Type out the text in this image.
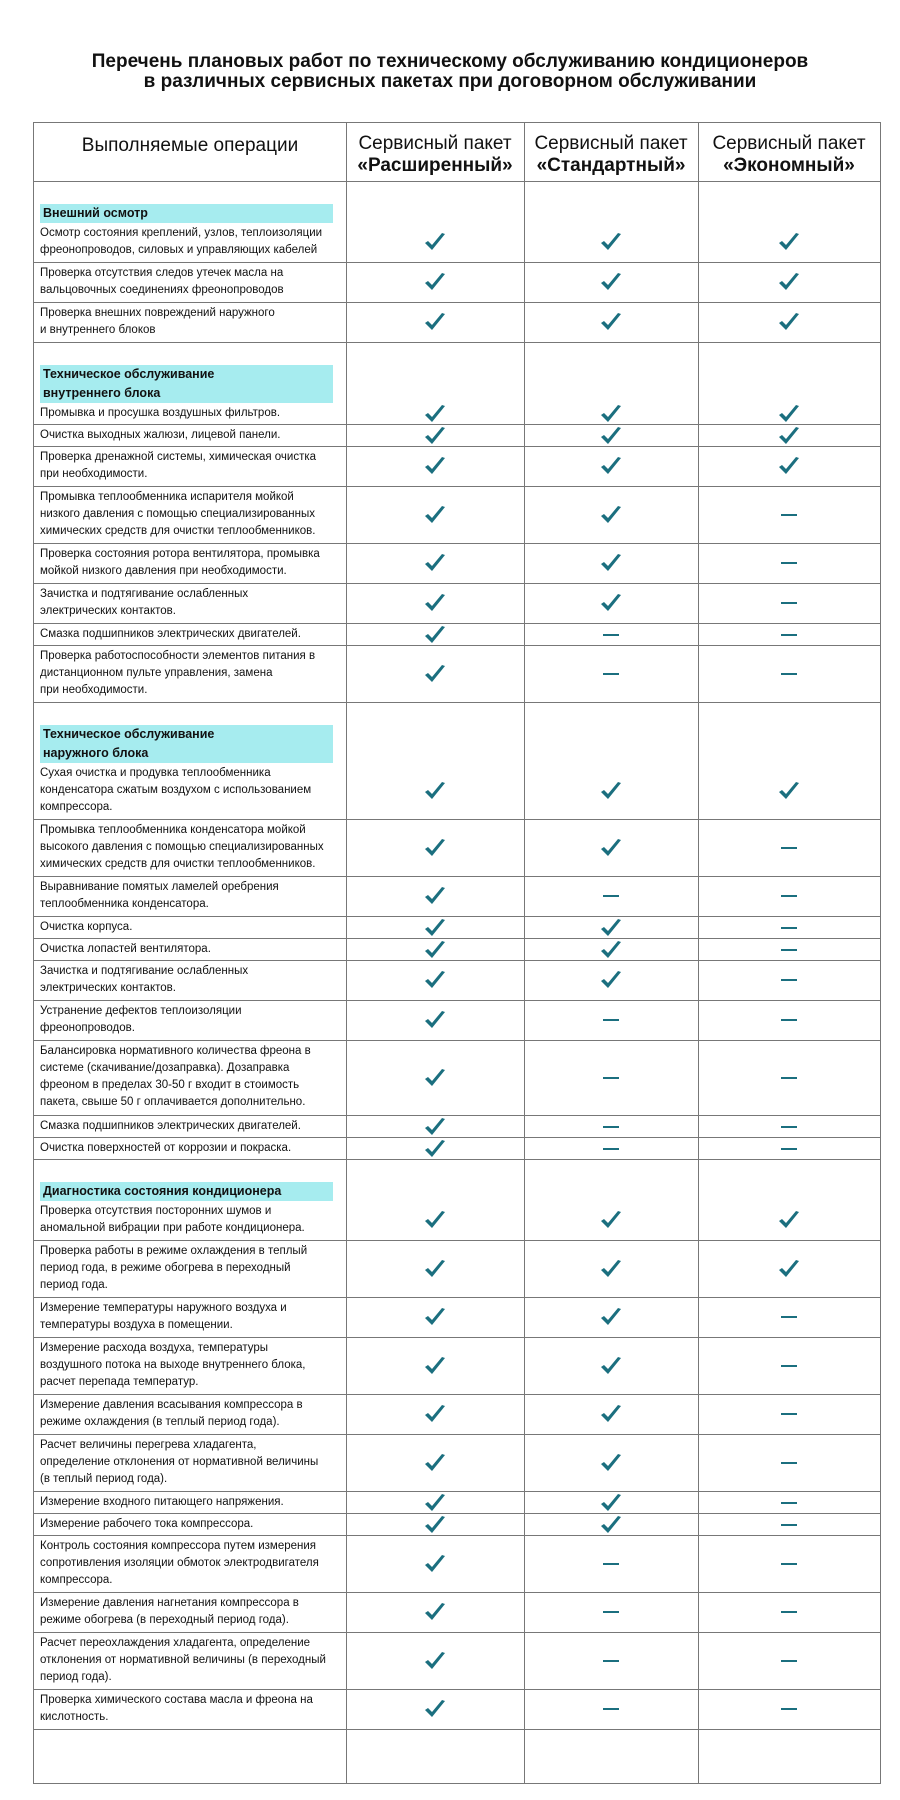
Перечень плановых работ по техническому обслуживанию кондиционеров
в различных сервисных пакетах при договорном обслуживании
Выполняемые операции	Сервисный пакет
«Расширенный»
Сервисный пакет
«Стандартный»
Сервисный пакет
«Экономный»
Внешний осмотр
Осмотр состояния креплений, узлов, теплоизоляции
фреонопроводов, силовых и управляющих кабелей
Проверка отсутствия следов утечек масла на
вальцовочных соединениях фреонопроводов
Проверка внешних повреждений наружного
и внутреннего блоков
Техническое обслуживание
внутреннего блока
Промывка и просушка воздушных фильтров.
Очистка выходных жалюзи, лицевой панели.
Проверка дренажной системы, химическая очистка
при необходимости.
Промывка теплообменника испарителя мойкой
низкого давления с помощью специализированных
химических средств для очистки теплообменников.
Проверка состояния ротора вентилятора, промывка
мойкой низкого давления при необходимости.
Зачистка и подтягивание ослабленных
электрических контактов.
Смазка подшипников электрических двигателей.
Проверка работоспособности элементов питания в
дистанционном пульте управления, замена
при необходимости.
Техническое обслуживание
наружного блока
Сухая очистка и продувка теплообменника
конденсатора сжатым воздухом с использованием
компрессора.
Промывка теплообменника конденсатора мойкой
высокого давления с помощью специализированных
химических средств для очистки теплообменников.
Выравнивание помятых ламелей оребрения
теплообменника конденсатора.
Очистка корпуса.
Очистка лопастей вентилятора.
Зачистка и подтягивание ослабленных
электрических контактов.
Устранение дефектов теплоизоляции
фреонопроводов.
Балансировка нормативного количества фреона в
системе (скачивание/дозаправка). Дозаправка
фреоном в пределах 30-50 г входит в стоимость
пакета, свыше 50 г оплачивается дополнительно.
Смазка подшипников электрических двигателей.
Очистка поверхностей от коррозии и покраска.
Диагностика состояния кондиционера
Проверка отсутствия посторонних шумов и
аномальной вибрации при работе кондиционера.
Проверка работы в режиме охлаждения в теплый
период года, в режиме обогрева в переходный
период года.
Измерение температуры наружного воздуха и
температуры воздуха в помещении.
Измерение расхода воздуха, температуры
воздушного потока на выходе внутреннего блока,
расчет перепада температур.
Измерение давления всасывания компрессора в
режиме охлаждения (в теплый период года).
Расчет величины перегрева хладагента,
определение отклонения от нормативной величины
(в теплый период года).
Измерение входного питающего напряжения.
Измерение рабочего тока компрессора.
Контроль состояния компрессора путем измерения
сопротивления изоляции обмоток электродвигателя
компрессора.
Измерение давления нагнетания компрессора в
режиме обогрева (в переходный период года).
Расчет переохлаждения хладагента, определение
отклонения от нормативной величины (в переходный
период года).
Проверка химического состава масла и фреона на
кислотность.
